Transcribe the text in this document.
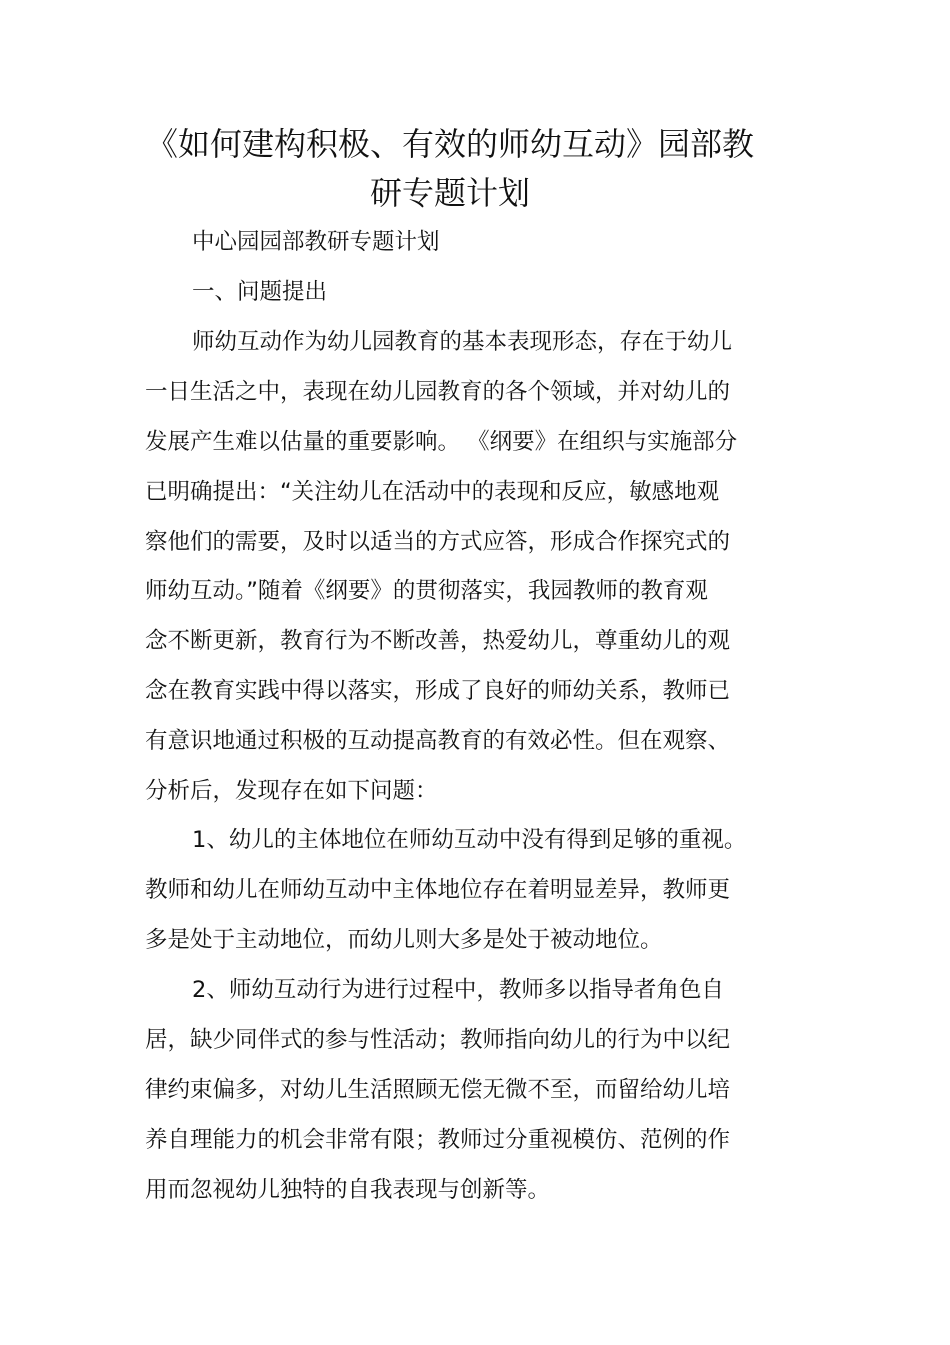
《如何建构积极、有效的师幼互动》园部教
研专题计划

中心园园部教研专题计划

一、问题提出

师幼互动作为幼儿园教育的基本表现形态，存在于幼儿

一日生活之中，表现在幼儿园教育的各个领域，并对幼儿的

发展产生难以估量的重要影响。 《纲要》在组织与实施部分

已明确提出：“关注幼儿在活动中的表现和反应，敏感地观

察他们的需要，及时以适当的方式应答，形成合作探究式的

师幼互动。”随着《纲要》的贯彻落实，我园教师的教育观

念不断更新，教育行为不断改善，热爱幼儿，尊重幼儿的观

念在教育实践中得以落实，形成了良好的师幼关系，教师已

有意识地通过积极的互动提高教育的有效必性。但在观察、

分析后，发现存在如下问题：

1、幼儿的主体地位在师幼互动中没有得到足够的重视。

教师和幼儿在师幼互动中主体地位存在着明显差异，教师更

多是处于主动地位，而幼儿则大多是处于被动地位。

2、师幼互动行为进行过程中，教师多以指导者角色自

居，缺少同伴式的参与性活动；教师指向幼儿的行为中以纪

律约束偏多，对幼儿生活照顾无偿无微不至，而留给幼儿培

养自理能力的机会非常有限；教师过分重视模仿、范例的作

用而忽视幼儿独特的自我表现与创新等。
